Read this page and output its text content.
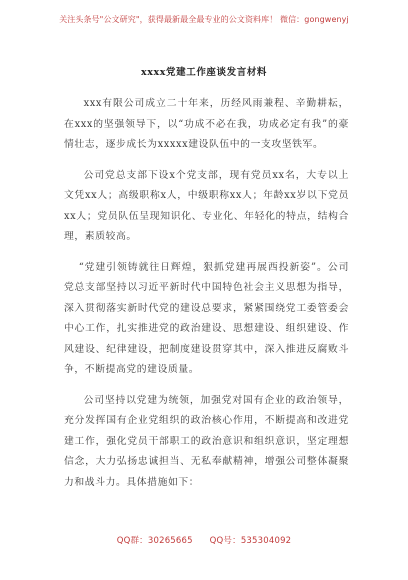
关注头条号"公文研究"，获得最新最全最专业的公文资料库！ 微信：gongwenyj
xxxx党建工作座谈发言材料

xxx有限公司成立二十年来，历经风雨兼程、辛勤耕耘，在xxx的坚强领导下，以“功成不必在我，功成必定有我”的豪情壮志，逐步成长为xxxxx建设队伍中的一支攻坚铁军。

公司党总支部下设x个党支部，现有党员xx名，大专以上文凭xx人；高级职称x人，中级职称xx人；年龄xx岁以下党员xx人；党员队伍呈现知识化、专业化、年轻化的特点，结构合理，素质较高。

“党建引领铸就往日辉煌，狠抓党建再展西投新姿”。公司党总支部坚持以习近平新时代中国特色社会主义思想为指导，深入贯彻落实新时代党的建设总要求，紧紧围绕党工委管委会中心工作，扎实推进党的政治建设、思想建设、组织建设、作风建设、纪律建设，把制度建设贯穿其中，深入推进反腐败斗争，不断提高党的建设质量。

公司坚持以党建为统领，加强党对国有企业的政治领导，充分发挥国有企业党组织的政治核心作用，不断提高和改进党建工作，强化党员干部职工的政治意识和组织意识，坚定理想信念，大力弘扬忠诚担当、无私奉献精神，增强公司整体凝聚力和战斗力。具体措施如下：

QQ群：30265665 QQ号：535304092
